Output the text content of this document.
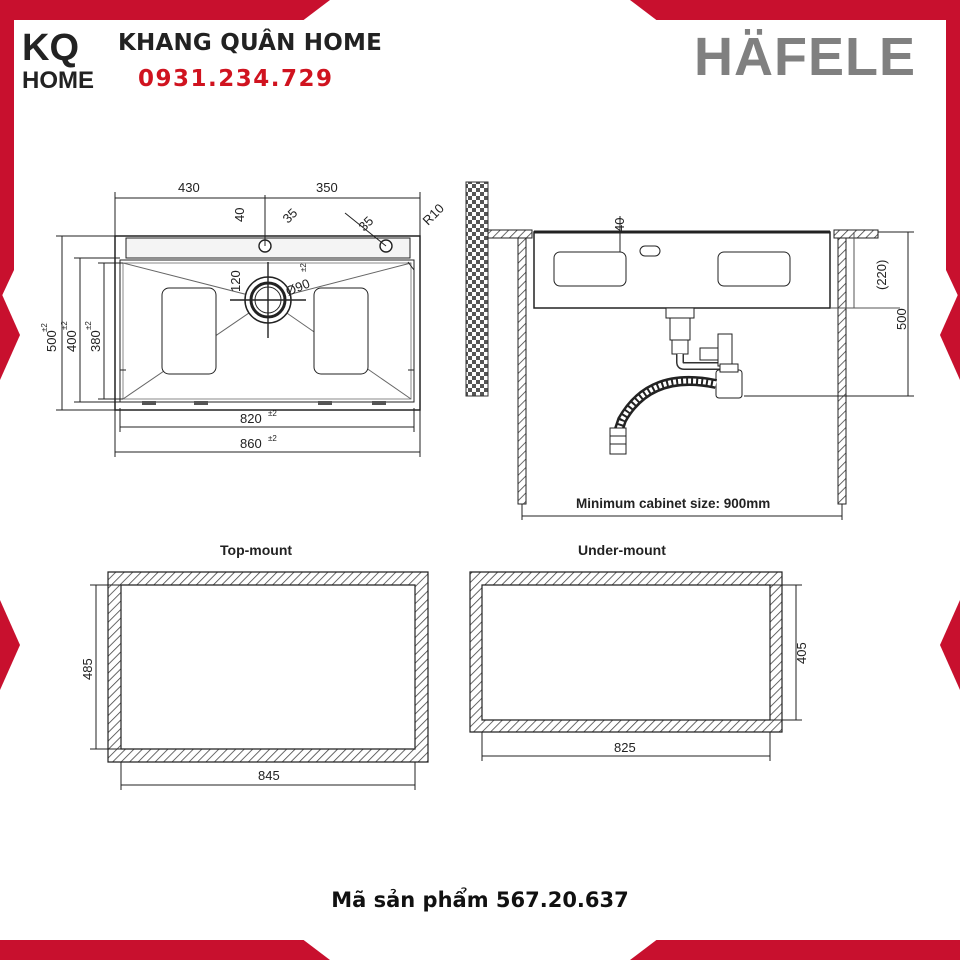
KQ
HOME
KHANG QUÂN HOME
0931.234.729	HÄFELE
430	350
40	35	35	R10
120	Ø90
±2
500
±2
400
±2
380
±2
820 ±2
860 ±2
40
(220)
500
Minimum cabinet size: 900mm
Top-mount
485
845
Under-mount
405
825
Mã sản phẩm 567.20.637
